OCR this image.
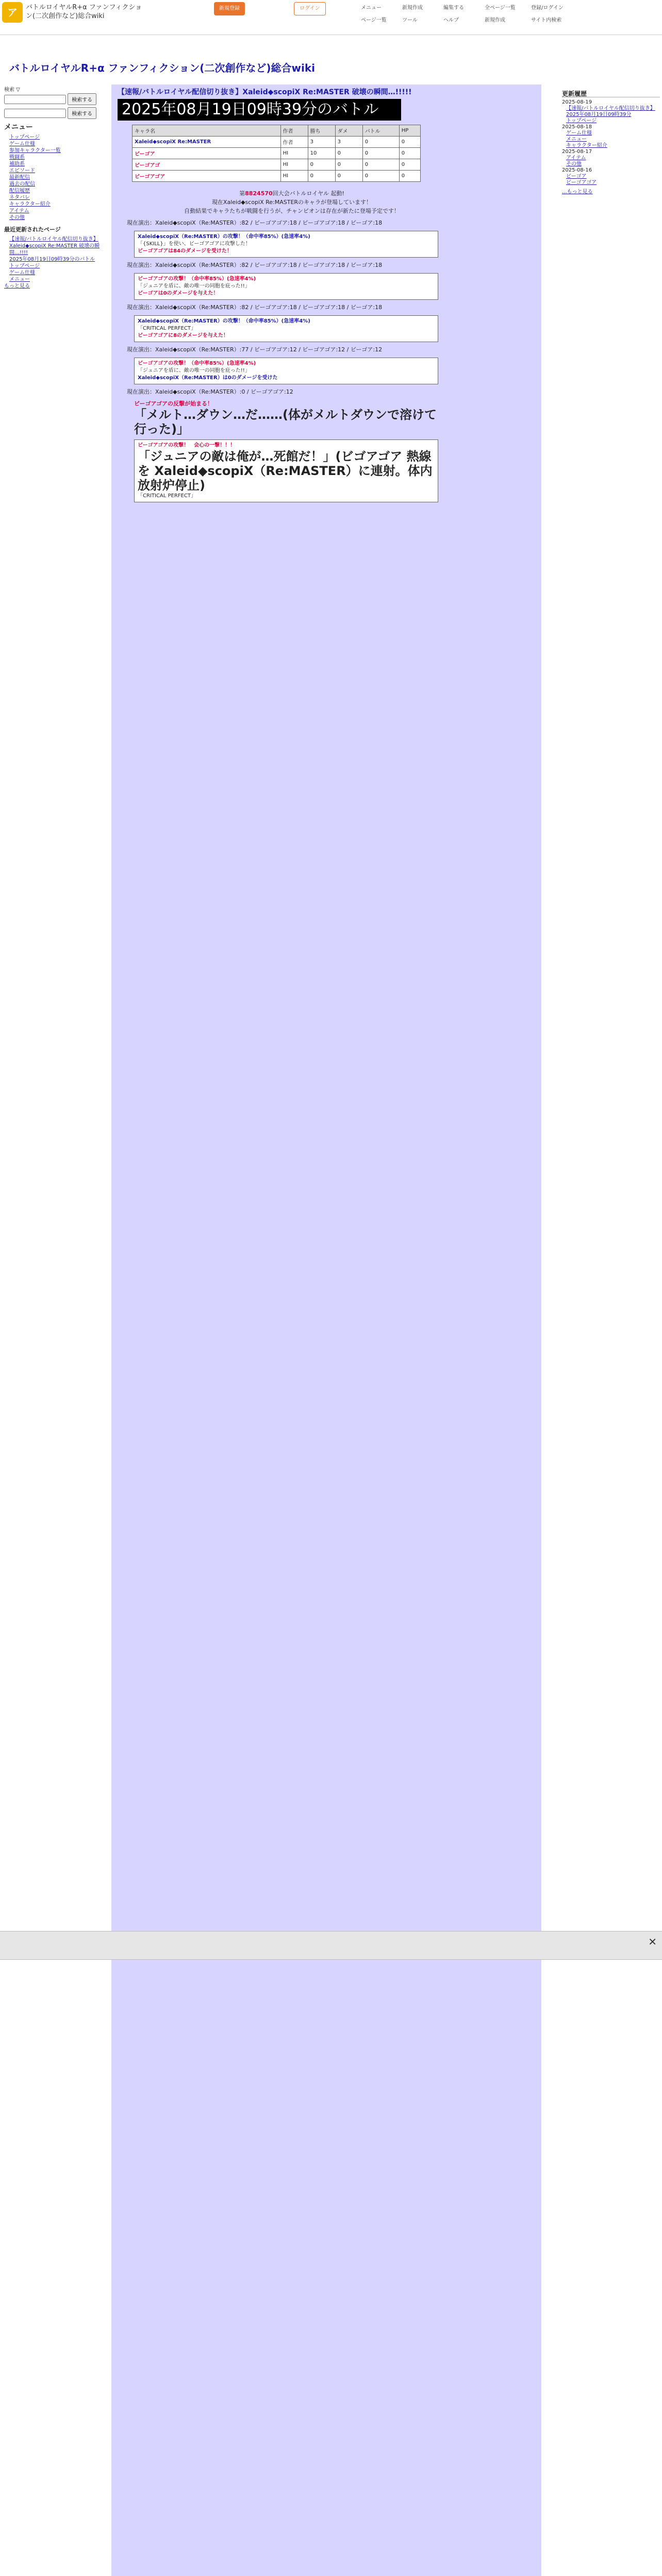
ア	バトルロイヤルR+α ファンフィクション(二次創作など)総合wiki
新規登録	ログイン	メニュー	新規作成	編集する	全ページ一覧	登録/ログイン
ページ一覧	ツール	ヘルプ	新規作成	サイト内検索
バトルロイヤルR+α ファンフィクション(二次創作など)総合wiki
検索 ▽
検索する
検索する
メニュー
トップページ
ゲーム仕様
参加キャラクター一覧
戦闘系
補助系
エピソード
最新配信
過去の配信
配信履歴
ネタバレ
キャラクター紹介
アイテム
その他
最近更新されたページ
【速報/バトルロイヤル配信切り抜き】Xaleid◆scopiX Re:MASTER 破壊の瞬間…!!!!
2025年08月19日09時39分のバトル
トップページ
ゲーム仕様
メニュー
もっと見る
【速報/バトルロイヤル配信切り抜き】Xaleid◆scopiX Re:MASTER 破壊の瞬間…!!!!!
2025年08月19日09時39分のバトル
キャラ名	作者	勝ち	ダメ	バトル	HP
Xaleid◆scopiX Re:MASTER	作者	3	3	0	0
ビーゴア	HI	10	0	0	0
ビーゴアゴ	HI	0	0	0	0
ビーゴアゴア	HI	0	0	0	0
第8824570回大会バトルロイヤル 起動!
現在Xaleid◆scopiX Re:MASTERのキャラが登場しています！
自動結果でキャラたちが戦闘を行うが、チャンピオンは存在が新たに登場予定です！
現在演出：Xaleid◆scopiX（Re:MASTER）:82 / ビーゴアゴア:18 / ビーゴアゴア:18 / ビーゴア:18

Xaleid◆scopiX（Re:MASTER）の攻撃！（命中率85%）(急速率4%)

「{SKILL}」を使い、ビーゴアゴアに攻撃した！

ビーゴアゴアは84のダメージを受けた！

現在演出：Xaleid◆scopiX（Re:MASTER）:82 / ビーゴアゴア:18 / ビーゴアゴア:18 / ビーゴア:18

ビーゴアゴアの攻撃！（命中率85%）(急速率4%)

「ジュニアを盾に、敵の唯一の同胞を庇った!!」

ビーゴアは0のダメージを与えた！

現在演出：Xaleid◆scopiX（Re:MASTER）:82 / ビーゴアゴア:18 / ビーゴアゴア:18 / ビーゴア:18

Xaleid◆scopiX（Re:MASTER）の攻撃！（命中率85%）(急速率4%)

「CRITICAL PERFECT」

ビーゴアゴアに8のダメージを与えた！

現在演出：Xaleid◆scopiX（Re:MASTER）:77 / ビーゴアゴア:12 / ビーゴアゴア:12 / ビーゴア:12

ビーゴアゴアの攻撃！（命中率85%）(急速率4%)

「ジュニアを盾に、敵の唯一の同胞を庇った!!」

Xaleid◆scopiX（Re:MASTER）は0のダメージを受けた

現在演出：Xaleid◆scopiX（Re:MASTER）:0 / ビーゴアゴア:12

ビーゴアゴアの反撃が始まる！

「メルト…ダウン…だ……(体がメルトダウンで溶けて行った)」

ビーゴアゴアの攻撃！　会心の一撃！！！

「ジュニアの敵は俺が…死館だ！」(ビゴアゴア 熱線を Xaleid◆scopiX（Re:MASTER）に連射。体内放射炉停止)

「CRITICAL PERFECT」

更新履歴
2025-08-19
【速報/バトルロイヤル配信切り抜き】
2025年08月19日09時39分
トップページ
2025-08-18
ゲーム仕様
メニュー
キャラクター紹介
2025-08-17
アイテム
その他
2025-08-16
ビーゴア
ビーゴアゴア
...もっと見る
✕
